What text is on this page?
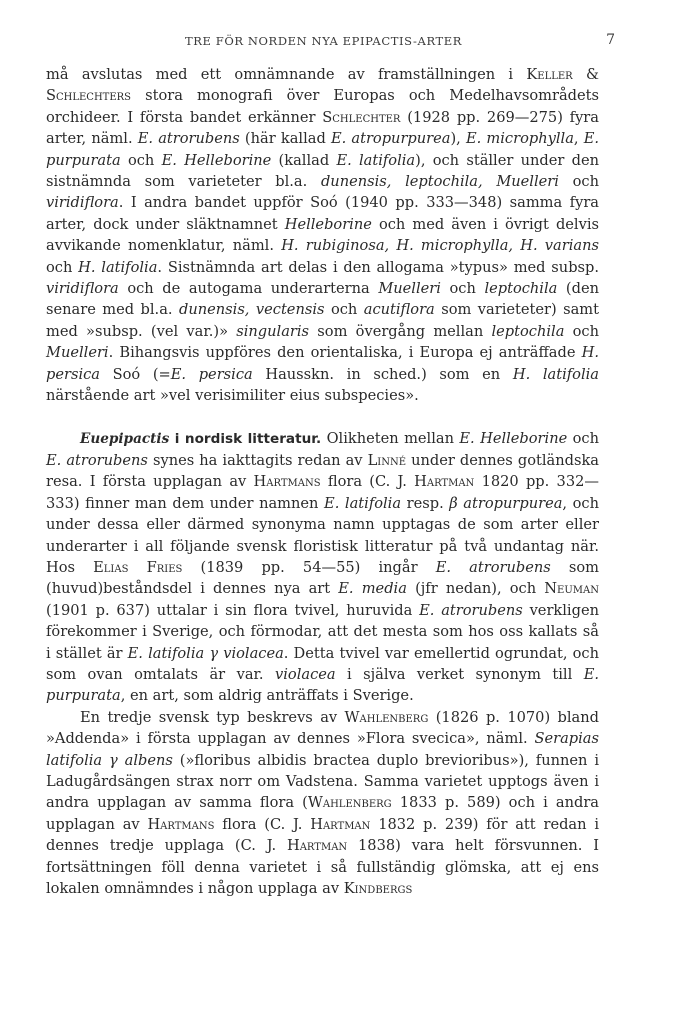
TRE FÖR NORDEN NYA EPIPACTIS-ARTER	7

må avslutas med ett omnämnande av framställningen i Keller & Schlechters stora monografi över Europas och Medelhavsområdets orchideer. I första bandet erkänner Schlechter (1928 pp. 269—275) fyra arter, näml. E. atrorubens (här kallad E. atropurpurea), E. microphylla, E. purpurata och E. Helleborine (kallad E. latifolia), och ställer under den sistnämnda som varieteter bl.a. dunensis, leptochila, Muelleri och viridiflora. I andra bandet uppför Soó (1940 pp. 333—348) samma fyra arter, dock under släktnamnet Helleborine och med även i övrigt delvis avvikande nomenklatur, näml. H. rubiginosa, H. microphylla, H. varians och H. latifolia. Sistnämnda art delas i den allogama »typus» med subsp. viridiflora och de autogama underarterna Muelleri och leptochila (den senare med bl.a. dunensis, vectensis och acutiflora som varieteter) samt med »subsp. (vel var.)» singularis som övergång mellan leptochila och Muelleri. Bihangsvis uppföres den orientaliska, i Europa ej anträffade H. persica Soó (=E. persica Hausskn. in sched.) som en H. latifolia närstående art »vel verisimiliter eius subspecies».

Euepipactis i nordisk litteratur. Olikheten mellan E. Helleborine och E. atrorubens synes ha iakttagits redan av Linné under dennes gotländska resa. I första upplagan av Hartmans flora (C. J. Hartman 1820 pp. 332—333) finner man dem under namnen E. latifolia resp. β atropurpurea, och under dessa eller därmed synonyma namn upptagas de som arter eller underarter i all följande svensk floristisk litteratur på två undantag när. Hos Elias Fries (1839 pp. 54—55) ingår E. atrorubens som (huvud)beståndsdel i dennes nya art E. media (jfr nedan), och Neuman (1901 p. 637) uttalar i sin flora tvivel, huruvida E. atrorubens verkligen förekommer i Sverige, och förmodar, att det mesta som hos oss kallats så i stället är E. latifolia γ violacea. Detta tvivel var emellertid ogrundat, och som ovan omtalats är var. violacea i själva verket synonym till E. purpurata, en art, som aldrig anträffats i Sverige.

En tredje svensk typ beskrevs av Wahlenberg (1826 p. 1070) bland »Addenda» i första upplagan av dennes »Flora svecica», näml. Serapias latifolia γ albens (»floribus albidis bractea duplo brevioribus»), funnen i Ladugårdsängen strax norr om Vadstena. Samma varietet upptogs även i andra upplagan av samma flora (Wahlenberg 1833 p. 589) och i andra upplagan av Hartmans flora (C. J. Hartman 1832 p. 239) för att redan i dennes tredje upplaga (C. J. Hartman 1838) vara helt försvunnen. I fortsättningen föll denna varietet i så fullständig glömska, att ej ens lokalen omnämndes i någon upplaga av Kindbergs
